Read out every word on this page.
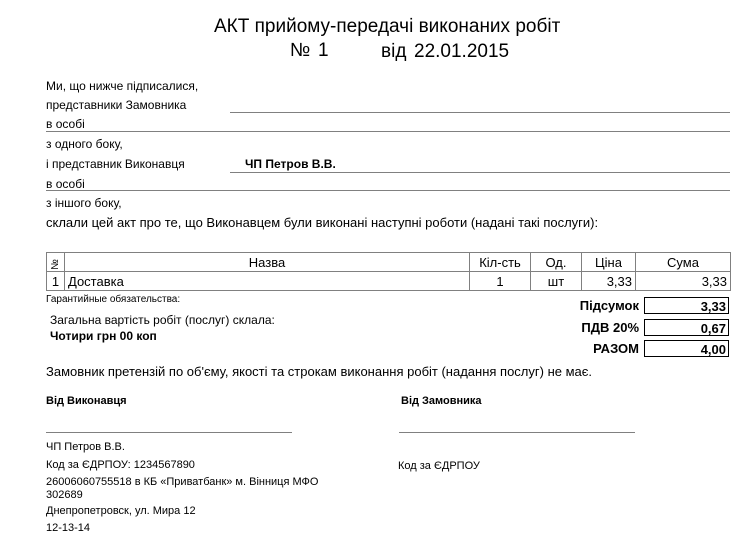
АКТ прийому-передачі виконаних робіт
№ 1	від 22.01.2015
Ми, що нижче підписалися,
представники Замовника
в особі
з одного боку,
і представник Виконавця	ЧП Петров В.В.
в особі
з іншого боку,
склали цей акт про те, що Виконавцем були виконані наступні роботи (надані такі послуги):
№	Назва	Кіл-сть	Од.	Ціна	Сума
1	Доставка	1	шт	3,33	3,33
Гарантийные обязательства:
Загальна вартість робіт (послуг) склала:
Чотири грн 00 коп
Підсумок	3,33
ПДВ 20%	0,67
РАЗОМ	4,00
Замовник претензій по об'єму, якості та строкам виконання робіт (надання послуг) не має.
Від Виконавця	Від Замовника
ЧП Петров В.В.
Код за ЄДРПОУ: 1234567890	Код за ЄДРПОУ
26006060755518 в КБ «Приватбанк» м. Вінниця МФО
302689
Днепропетровск, ул. Мира 12
12-13-14
